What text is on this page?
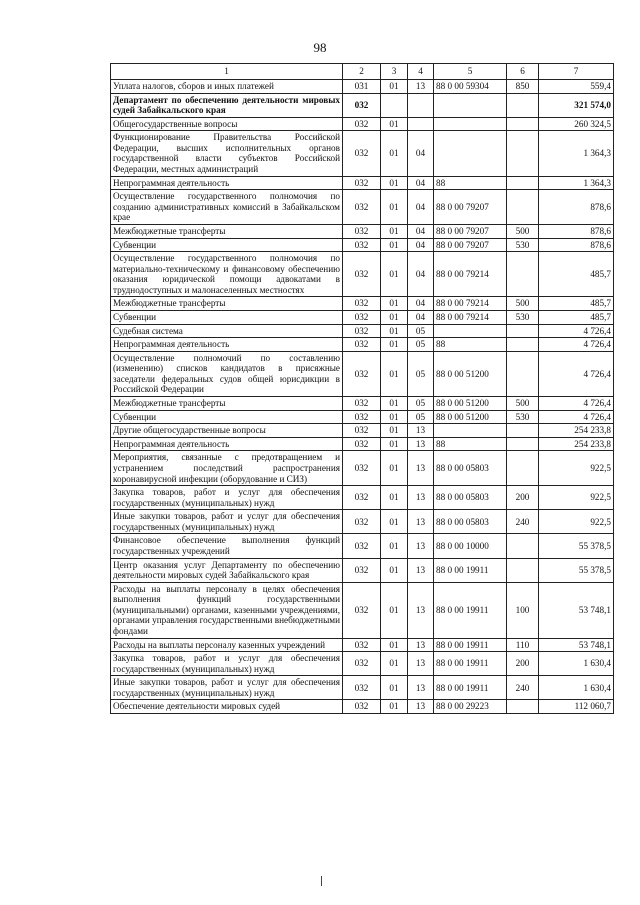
98
1	2	3	4	5	6	7
Уплата налогов, сборов и иных платежей	031	01	13	88 0 00 59304	850	559,4
Департамент по обеспечению деятельности мировых судей Забайкальского края	032					321 574,0
Общегосударственные вопросы	032	01				260 324,5
Функционирование Правительства Российской Федерации, высших исполнительных органов государственной власти субъектов Российской Федерации, местных администраций	032	01	04			1 364,3
Непрограммная деятельность	032	01	04	88		1 364,3
Осуществление государственного полномочия по созданию административных комиссий в Забайкальском крае	032	01	04	88 0 00 79207		878,6
Межбюджетные трансферты	032	01	04	88 0 00 79207	500	878,6
Субвенции	032	01	04	88 0 00 79207	530	878,6
Осуществление государственного полномочия по материально-техническому и финансовому обеспечению оказания юридической помощи адвокатами в труднодоступных и малонаселенных местностях	032	01	04	88 0 00 79214		485,7
Межбюджетные трансферты	032	01	04	88 0 00 79214	500	485,7
Субвенции	032	01	04	88 0 00 79214	530	485,7
Судебная система	032	01	05			4 726,4
Непрограммная деятельность	032	01	05	88		4 726,4
Осуществление полномочий по составлению (изменению) списков кандидатов в присяжные заседатели федеральных судов общей юрисдикции в Российской Федерации	032	01	05	88 0 00 51200		4 726,4
Межбюджетные трансферты	032	01	05	88 0 00 51200	500	4 726,4
Субвенции	032	01	05	88 0 00 51200	530	4 726,4
Другие общегосударственные вопросы	032	01	13			254 233,8
Непрограммная деятельность	032	01	13	88		254 233,8
Мероприятия, связанные с предотвращением и устранением последствий распространения коронавирусной инфекции (оборудование и СИЗ)	032	01	13	88 0 00 05803		922,5
Закупка товаров, работ и услуг для обеспечения государственных (муниципальных) нужд	032	01	13	88 0 00 05803	200	922,5
Иные закупки товаров, работ и услуг для обеспечения государственных (муниципальных) нужд	032	01	13	88 0 00 05803	240	922,5
Финансовое обеспечение выполнения функций государственных учреждений	032	01	13	88 0 00 10000		55 378,5
Центр оказания услуг Департаменту по обеспечению деятельности мировых судей Забайкальского края	032	01	13	88 0 00 19911		55 378,5
Расходы на выплаты персоналу в целях обеспечения выполнения функций государственными (муниципальными) органами, казенными учреждениями, органами управления государственными внебюджетными фондами	032	01	13	88 0 00 19911	100	53 748,1
Расходы на выплаты персоналу казенных учреждений	032	01	13	88 0 00 19911	110	53 748,1
Закупка товаров, работ и услуг для обеспечения государственных (муниципальных) нужд	032	01	13	88 0 00 19911	200	1 630,4
Иные закупки товаров, работ и услуг для обеспечения государственных (муниципальных) нужд	032	01	13	88 0 00 19911	240	1 630,4
Обеспечение деятельности мировых судей	032	01	13	88 0 00 29223		112 060,7
